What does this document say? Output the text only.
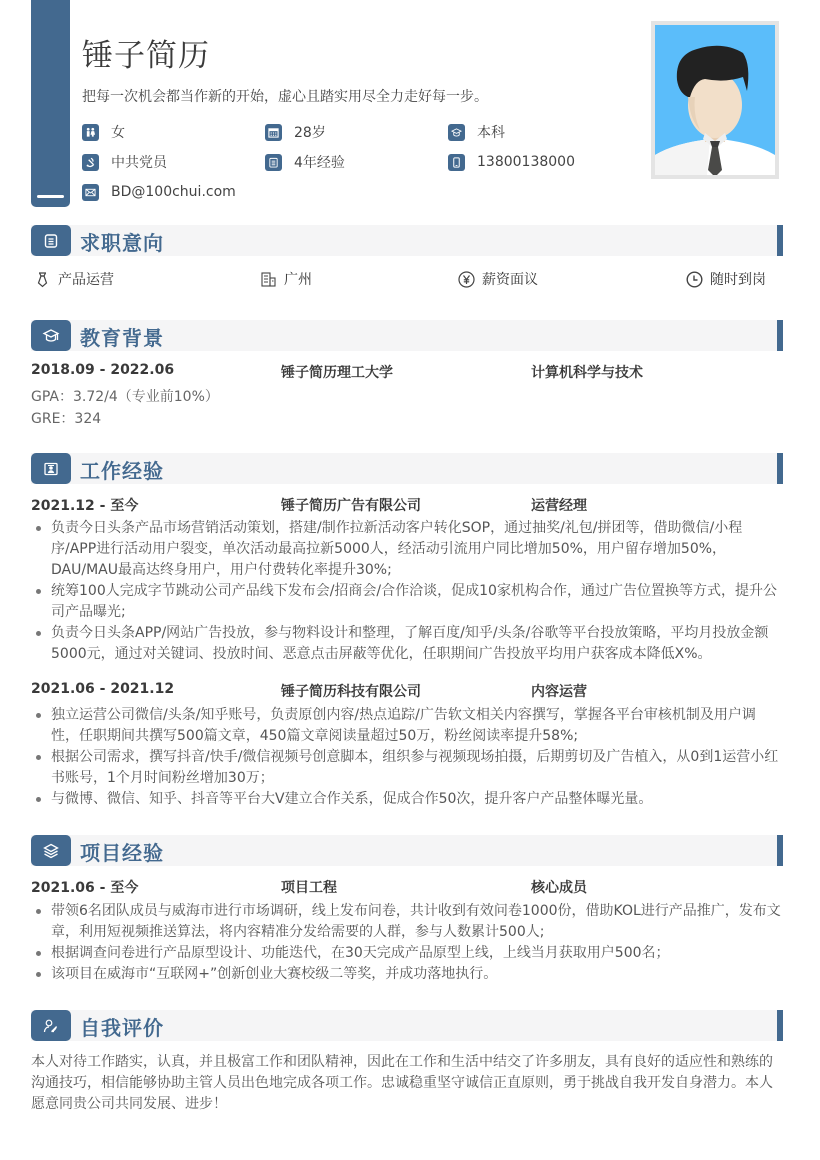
锤子简历
把每一次机会都当作新的开始，虚心且踏实用尽全力走好每一步。
女	28岁	本科
中共党员	4年经验	13800138000
BD@100chui.com
求职意向
产品运营	广州	薪资面议	随时到岗
教育背景
2018.09 - 2022.06	锤子简历理工大学	计算机科学与技术
GPA：3.72/4（专业前10%）
GRE：324
工作经验
2021.12 - 至今	锤子简历广告有限公司	运营经理
负责今日头条产品市场营销活动策划，搭建/制作拉新活动客户转化SOP，通过抽奖/礼包/拼团等，借助微信/小程序/APP进行活动用户裂变，单次活动最高拉新5000人，经活动引流用户同比增加50%，用户留存增加50%，DAU/MAU最高达终身用户，用户付费转化率提升30%;
统筹100人完成字节跳动公司产品线下发布会/招商会/合作洽谈，促成10家机构合作，通过广告位置换等方式，提升公司产品曝光;
负责今日头条APP/网站广告投放，参与物料设计和整理，了解百度/知乎/头条/谷歌等平台投放策略，平均月投放金额5000元，通过对关键词、投放时间、恶意点击屏蔽等优化，任职期间广告投放平均用户获客成本降低X%。
2021.06 - 2021.12	锤子简历科技有限公司	内容运营
独立运营公司微信/头条/知乎账号，负责原创内容/热点追踪/广告软文相关内容撰写，掌握各平台审核机制及用户调性，任职期间共撰写500篇文章，450篇文章阅读量超过50万，粉丝阅读率提升58%;
根据公司需求，撰写抖音/快手/微信视频号创意脚本，组织参与视频现场拍摄，后期剪切及广告植入，从0到1运营小红书账号，1个月时间粉丝增加30万；
与微博、微信、知乎、抖音等平台大V建立合作关系，促成合作50次，提升客户产品整体曝光量。
项目经验
2021.06 - 至今	项目工程	核心成员
带领6名团队成员与威海市进行市场调研，线上发布问卷，共计收到有效问卷1000份，借助KOL进行产品推广，发布文章，利用短视频推送算法，将内容精准分发给需要的人群，参与人数累计500人;
根据调查问卷进行产品原型设计、功能迭代，在30天完成产品原型上线，上线当月获取用户500名；
该项目在威海市“互联网+”创新创业大赛校级二等奖，并成功落地执行。
自我评价
本人对待工作踏实，认真，并且极富工作和团队精神，因此在工作和生活中结交了许多朋友，具有良好的适应性和熟练的沟通技巧，相信能够协助主管人员出色地完成各项工作。忠诚稳重坚守诚信正直原则，勇于挑战自我开发自身潜力。本人愿意同贵公司共同发展、进步！
